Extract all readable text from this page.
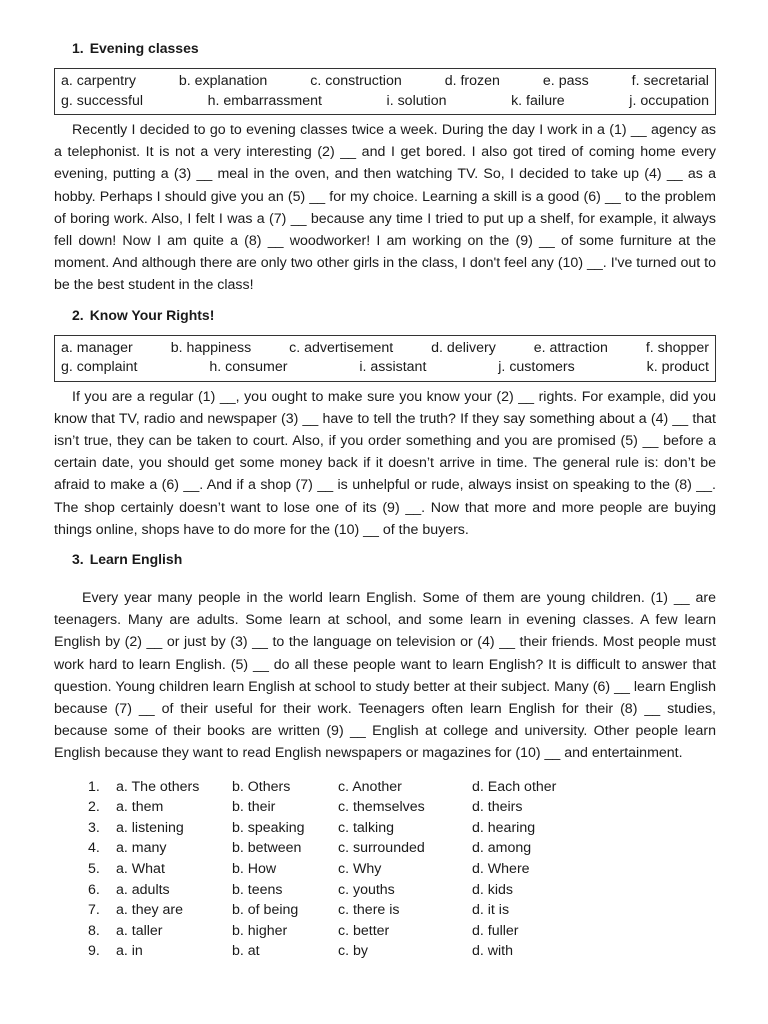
1. Evening classes
a. carpentry	b. explanation	c. construction	d. frozen	e. pass	f. secretarial
g. successful	h. embarrassment	i. solution	k. failure	j. occupation

Recently I decided to go to evening classes twice a week. During the day I work in a (1) __ agency as a telephonist. It is not a very interesting (2) __ and I get bored. I also got tired of coming home every evening, putting a (3) __ meal in the oven, and then watching TV. So, I decided to take up (4) __ as a hobby. Perhaps I should give you an (5) __ for my choice. Learning a skill is a good (6) __ to the problem of boring work. Also, I felt I was a (7) __ because any time I tried to put up a shelf, for example, it always fell down! Now I am quite a (8) __ woodworker! I am working on the (9) __ of some furniture at the moment. And although there are only two other girls in the class, I don't feel any (10) __. I've turned out to be the best student in the class!

2. Know Your Rights!
a. manager	b. happiness	c. advertisement	d. delivery	e. attraction	f. shopper
g. complaint	h. consumer	i. assistant	j. customers	k. product

If you are a regular (1) __, you ought to make sure you know your (2) __ rights. For example, did you know that TV, radio and newspaper (3) __ have to tell the truth? If they say something about a (4) __ that isn’t true, they can be taken to court. Also, if you order something and you are promised (5) __ before a certain date, you should get some money back if it doesn’t arrive in time. The general rule is: don’t be afraid to make a (6) __. And if a shop (7) __ is unhelpful or rude, always insist on speaking to the (8) __. The shop certainly doesn’t want to lose one of its (9) __. Now that more and more people are buying things online, shops have to do more for the (10) __ of the buyers.

3. Learn English

Every year many people in the world learn English. Some of them are young children. (1) __ are teenagers. Many are adults. Some learn at school, and some learn in evening classes. A few learn English by (2) __ or just by (3) __ to the language on television or (4) __ their friends. Most people must work hard to learn English. (5) __ do all these people want to learn English? It is difficult to answer that question. Young children learn English at school to study better at their subject. Many (6) __ learn English because (7) __ of their useful for their work. Teenagers often learn English for their (8) __ studies, because some of their books are written (9) __ English at college and university. Other people learn English because they want to read English newspapers or magazines for (10) __ and entertainment.

1.	a. The others	b. Others	c. Another	d. Each other
2.	a. them	b. their	c. themselves	d. theirs
3.	a. listening	b. speaking	c. talking	d. hearing
4.	a. many	b. between	c. surrounded	d. among
5.	a. What	b. How	c. Why	d. Where
6.	a. adults	b. teens	c. youths	d. kids
7.	a. they are	b. of being	c. there is	d. it is
8.	a. taller	b. higher	c. better	d. fuller
9.	a. in	b. at	c. by	d. with
